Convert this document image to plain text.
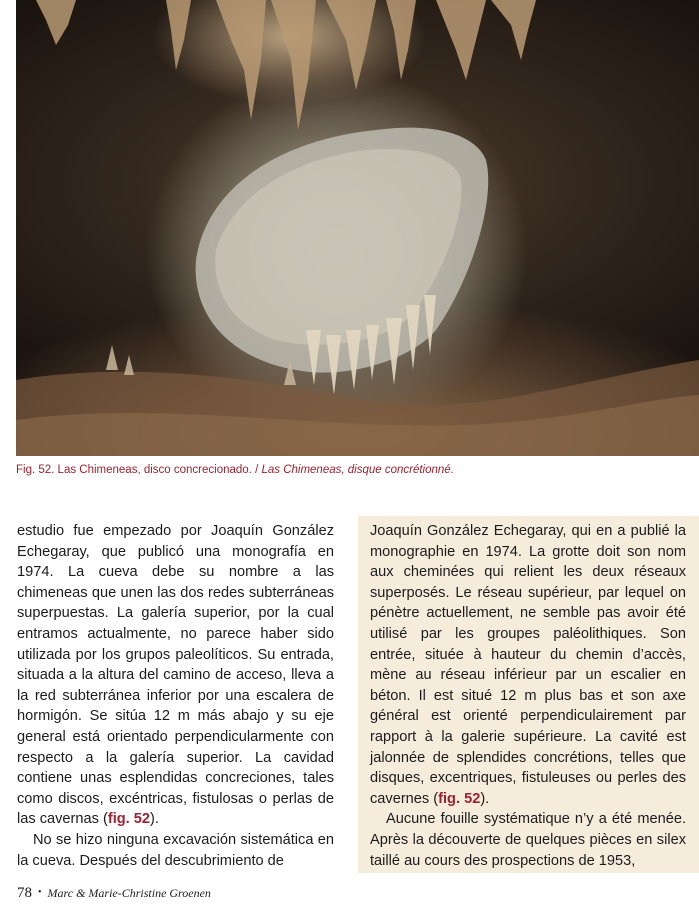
Fig. 52. Las Chimeneas, disco concrecionado. / Las Chimeneas, disque concrétionné.

estudio fue empezado por Joaquín González Echegaray, que publicó una monografía en 1974. La cueva debe su nombre a las chimeneas que unen las dos redes subterráneas superpuestas. La galería superior, por la cual entramos actualmente, no parece haber sido utilizada por los grupos paleolíticos. Su entrada, situada a la altura del camino de acceso, lleva a la red subterránea inferior por una escalera de hormigón. Se sitúa 12 m más abajo y su eje general está orientado perpendicularmente con respecto a la galería superior. La cavidad contiene unas esplendidas concreciones, tales como discos, excéntricas, fistulosas o perlas de las cavernas (fig. 52).

No se hizo ninguna excavación sistemática en la cueva. Después del descubrimiento de

Joaquín González Echegaray, qui en a publié la monographie en 1974. La grotte doit son nom aux cheminées qui relient les deux réseaux superposés. Le réseau supérieur, par lequel on pénètre actuellement, ne semble pas avoir été utilisé par les groupes paléolithiques. Son entrée, située à hauteur du chemin d’accès, mène au réseau inférieur par un escalier en béton. Il est situé 12 m plus bas et son axe général est orienté perpendiculairement par rapport à la galerie supérieure. La cavité est jalonnée de splendides concrétions, telles que disques, excentriques, fistuleuses ou perles des cavernes (fig. 52).

Aucune fouille systématique n’y a été menée. Après la découverte de quelques pièces en silex taillé au cours des prospections de 1953,

78 • Marc & Marie-Christine Groenen
